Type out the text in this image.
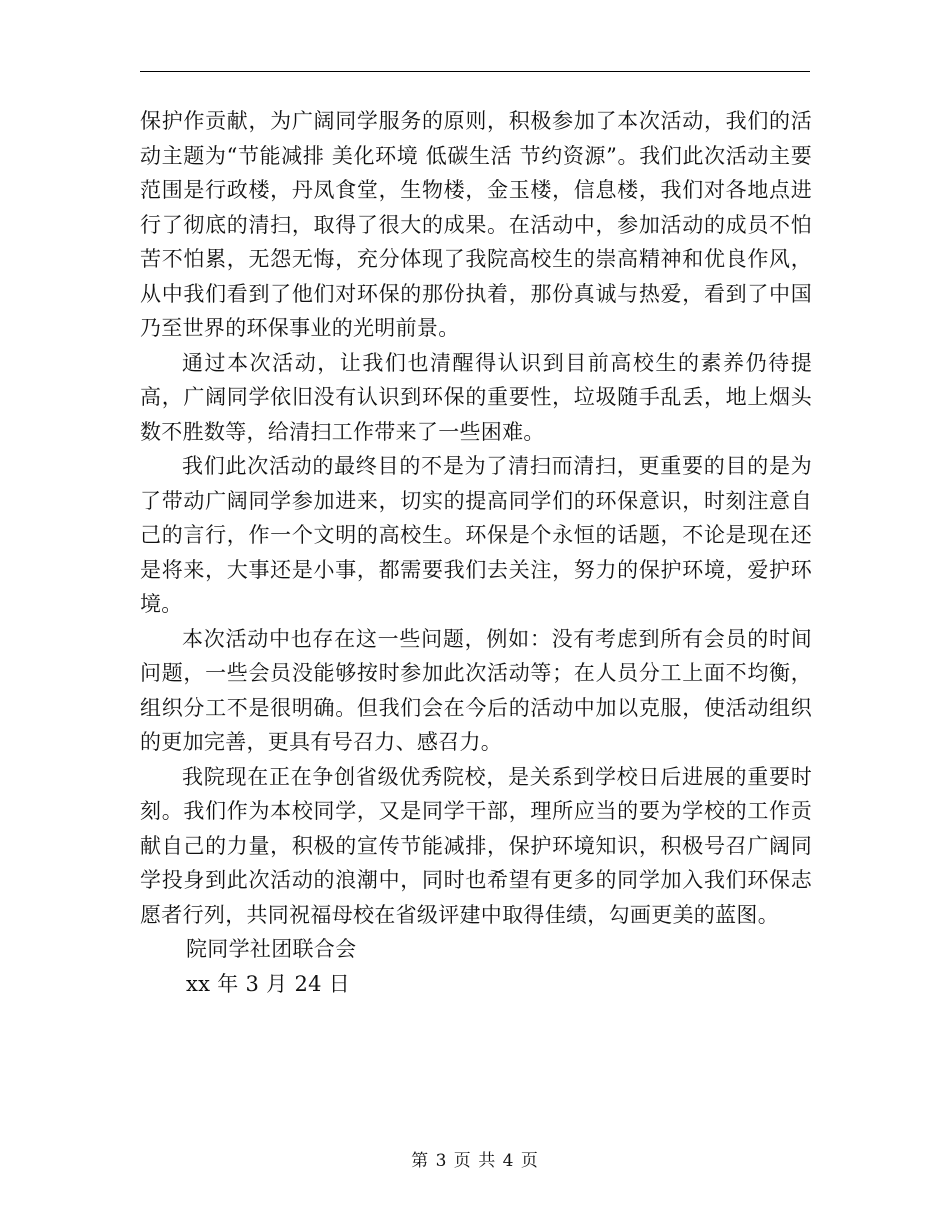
保护作贡献，为广阔同学服务的原则，积极参加了本次活动，我们的活动主题为“节能减排 美化环境 低碳生活 节约资源”。我们此次活动主要范围是行政楼，丹凤食堂，生物楼，金玉楼，信息楼，我们对各地点进行了彻底的清扫，取得了很大的成果。在活动中，参加活动的成员不怕苦不怕累，无怨无悔，充分体现了我院高校生的崇高精神和优良作风，从中我们看到了他们对环保的那份执着，那份真诚与热爱，看到了中国乃至世界的环保事业的光明前景。

通过本次活动，让我们也清醒得认识到目前高校生的素养仍待提高，广阔同学依旧没有认识到环保的重要性，垃圾随手乱丢，地上烟头数不胜数等，给清扫工作带来了一些困难。

我们此次活动的最终目的不是为了清扫而清扫，更重要的目的是为了带动广阔同学参加进来，切实的提高同学们的环保意识，时刻注意自己的言行，作一个文明的高校生。环保是个永恒的话题，不论是现在还是将来，大事还是小事，都需要我们去关注，努力的保护环境，爱护环境。

本次活动中也存在这一些问题，例如：没有考虑到所有会员的时间问题，一些会员没能够按时参加此次活动等；在人员分工上面不均衡，组织分工不是很明确。但我们会在今后的活动中加以克服，使活动组织的更加完善，更具有号召力、感召力。

我院现在正在争创省级优秀院校，是关系到学校日后进展的重要时刻。我们作为本校同学，又是同学干部，理所应当的要为学校的工作贡献自己的力量，积极的宣传节能减排，保护环境知识，积极号召广阔同学投身到此次活动的浪潮中，同时也希望有更多的同学加入我们环保志愿者行列，共同祝福母校在省级评建中取得佳绩，勾画更美的蓝图。

院同学社团联合会

xx 年 3 月 24 日

第 3 页 共 4 页
